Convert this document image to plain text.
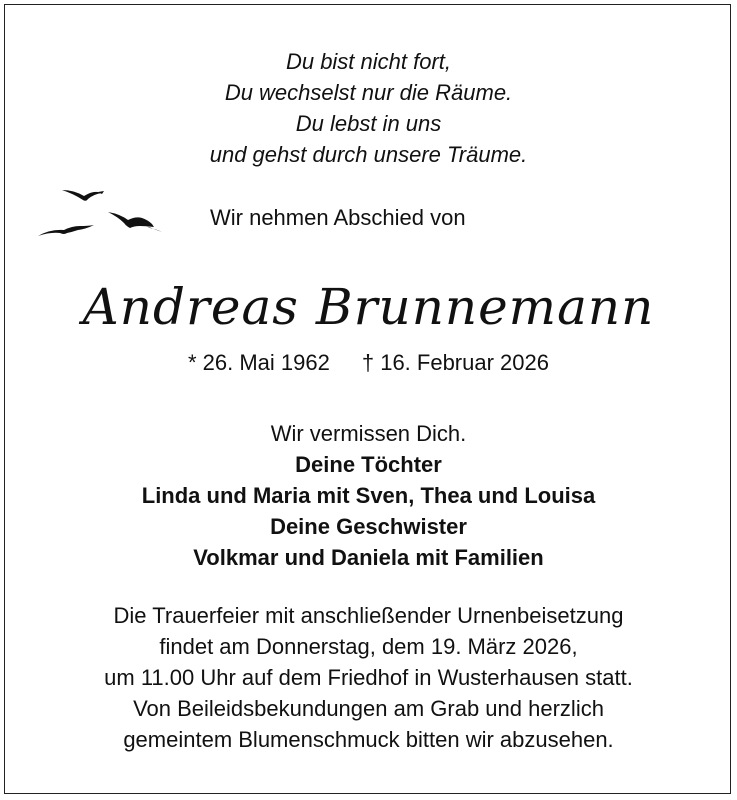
Du bist nicht fort,
Du wechselst nur die Räume.
Du lebst in uns
und gehst durch unsere Träume.
Wir nehmen Abschied von
Andreas Brunnemann
* 26. Mai 1962 † 16. Februar 2026
Wir vermissen Dich.
Deine Töchter
Linda und Maria mit Sven, Thea und Louisa
Deine Geschwister
Volkmar und Daniela mit Familien
Die Trauerfeier mit anschließender Urnenbeisetzung
findet am Donnerstag, dem 19. März 2026,
um 11.00 Uhr auf dem Friedhof in Wusterhausen statt.
Von Beileidsbekundungen am Grab und herzlich
gemeintem Blumenschmuck bitten wir abzusehen.
